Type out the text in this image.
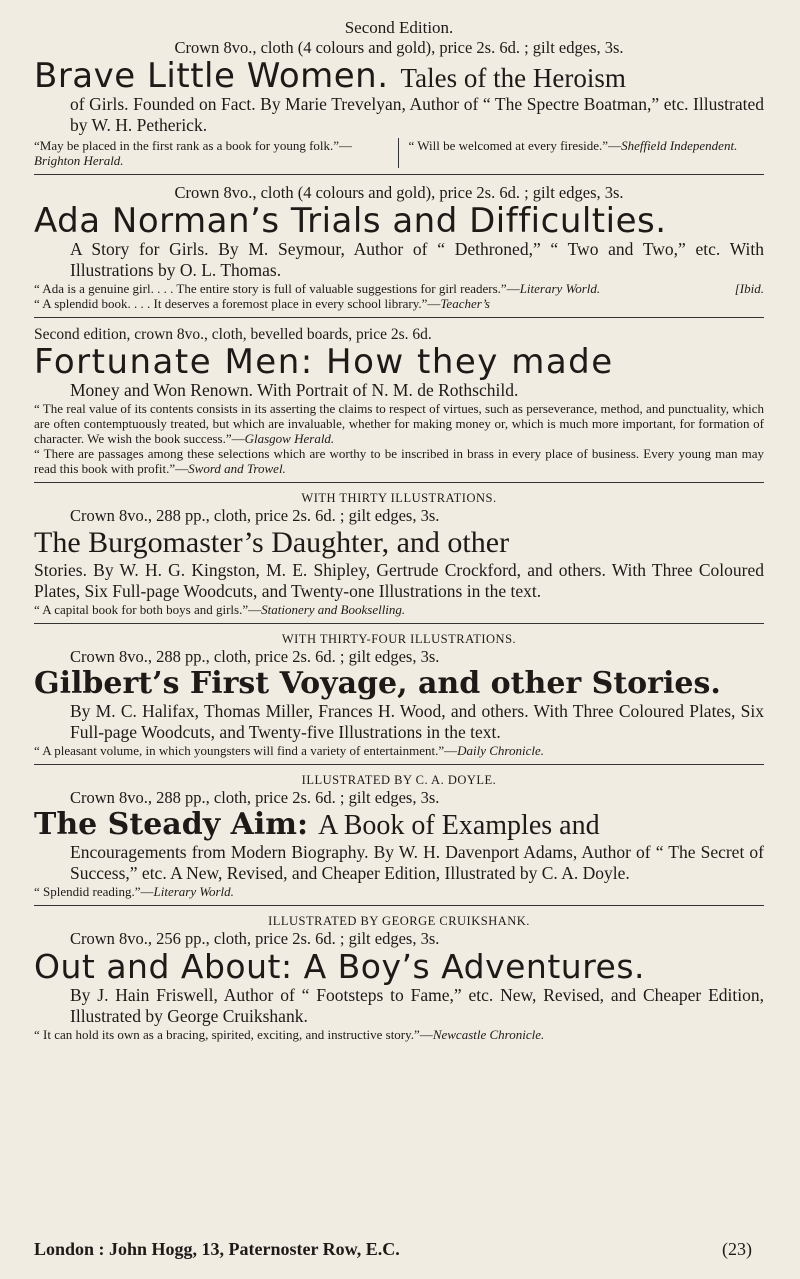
Second Edition.
Crown 8vo., cloth (4 colours and gold), price 2s. 6d. ; gilt edges, 3s.
Brave Little Women. Tales of the Heroism
of Girls. Founded on Fact. By Marie Trevelyan, Author of “ The Spectre Boatman,” etc. Illustrated by W. H. Petherick.
“May be placed in the first rank as a book for young folk.”—Brighton Herald.
“ Will be welcomed at every fireside.”—Sheffield Independent.
Crown 8vo., cloth (4 colours and gold), price 2s. 6d. ; gilt edges, 3s.
Ada Norman’s Trials and Difficulties.
A Story for Girls. By M. Seymour, Author of “ Dethroned,” “ Two and Two,” etc. With Illustrations by O. L. Thomas.
“ Ada is a genuine girl. . . . The entire story is full of valuable suggestions for girl readers.”—Literary World.	[Ibid.
“ A splendid book. . . . It deserves a foremost place in every school library.”—Teacher’s
Second edition, crown 8vo., cloth, bevelled boards, price 2s. 6d.
Fortunate Men: How they made
Money and Won Renown. With Portrait of N. M. de Rothschild.
“ The real value of its contents consists in its asserting the claims to respect of virtues, such as perseverance, method, and punctuality, which are often contemptuously treated, but which are invaluable, whether for making money or, which is much more important, for formation of character. We wish the book success.”—Glasgow Herald.
“ There are passages among these selections which are worthy to be inscribed in brass in every place of business. Every young man may read this book with profit.”—Sword and Trowel.
WITH THIRTY ILLUSTRATIONS.
Crown 8vo., 288 pp., cloth, price 2s. 6d. ; gilt edges, 3s.
The Burgomaster’s Daughter, and other
Stories. By W. H. G. Kingston, M. E. Shipley, Gertrude Crockford, and others. With Three Coloured Plates, Six Full-page Woodcuts, and Twenty-one Illustrations in the text.
“ A capital book for both boys and girls.”—Stationery and Bookselling.
WITH THIRTY-FOUR ILLUSTRATIONS.
Crown 8vo., 288 pp., cloth, price 2s. 6d. ; gilt edges, 3s.
Gilbert’s First Voyage, and other Stories.
By M. C. Halifax, Thomas Miller, Frances H. Wood, and others. With Three Coloured Plates, Six Full-page Woodcuts, and Twenty-five Illustrations in the text.
“ A pleasant volume, in which youngsters will find a variety of entertainment.”—Daily Chronicle.
ILLUSTRATED BY C. A. DOYLE.
Crown 8vo., 288 pp., cloth, price 2s. 6d. ; gilt edges, 3s.
The Steady Aim: A Book of Examples and
Encouragements from Modern Biography. By W. H. Davenport Adams, Author of “ The Secret of Success,” etc. A New, Revised, and Cheaper Edition, Illustrated by C. A. Doyle.
“ Splendid reading.”—Literary World.
ILLUSTRATED BY GEORGE CRUIKSHANK.
Crown 8vo., 256 pp., cloth, price 2s. 6d. ; gilt edges, 3s.
Out and About: A Boy’s Adventures.
By J. Hain Friswell, Author of “ Footsteps to Fame,” etc. New, Revised, and Cheaper Edition, Illustrated by George Cruikshank.
“ It can hold its own as a bracing, spirited, exciting, and instructive story.”—Newcastle Chronicle.
London : John Hogg, 13, Paternoster Row, E.C.	(23)
